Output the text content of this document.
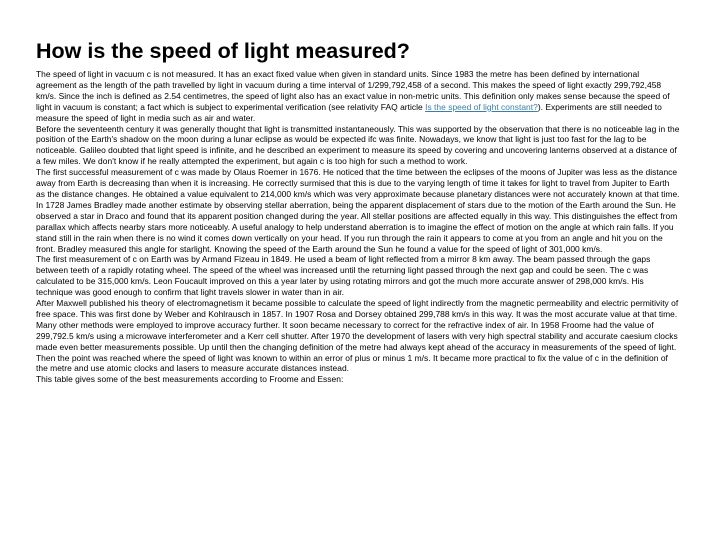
How is the speed of light measured?

The speed of light in vacuum c is not measured. It has an exact fixed value when given in standard units. Since 1983 the metre has been defined by international agreement as the length of the path travelled by light in vacuum during a time interval of 1/299,792,458 of a second. This makes the speed of light exactly 299,792,458 km/s. Since the inch is defined as 2.54 centimetres, the speed of light also has an exact value in non-metric units. This definition only makes sense because the speed of light in vacuum is constant; a fact which is subject to experimental verification (see relativity FAQ article Is the speed of light constant?). Experiments are still needed to measure the speed of light in media such as air and water.

Before the seventeenth century it was generally thought that light is transmitted instantaneously. This was supported by the observation that there is no noticeable lag in the position of the Earth's shadow on the moon during a lunar eclipse as would be expected ifc was finite. Nowadays, we know that light is just too fast for the lag to be noticeable. Galileo doubted that light speed is infinite, and he described an experiment to measure its speed by covering and uncovering lanterns observed at a distance of a few miles. We don't know if he really attempted the experiment, but again c is too high for such a method to work.

The first successful measurement of c was made by Olaus Roemer in 1676. He noticed that the time between the eclipses of the moons of Jupiter was less as the distance away from Earth is decreasing than when it is increasing. He correctly surmised that this is due to the varying length of time it takes for light to travel from Jupiter to Earth as the distance changes. He obtained a value equivalent to 214,000 km/s which was very approximate because planetary distances were not accurately known at that time.

In 1728 James Bradley made another estimate by observing stellar aberration, being the apparent displacement of stars due to the motion of the Earth around the Sun. He observed a star in Draco and found that its apparent position changed during the year. All stellar positions are affected equally in this way. This distinguishes the effect from parallax which affects nearby stars more noticeably. A useful analogy to help understand aberration is to imagine the effect of motion on the angle at which rain falls. If you stand still in the rain when there is no wind it comes down vertically on your head. If you run through the rain it appears to come at you from an angle and hit you on the front. Bradley measured this angle for starlight. Knowing the speed of the Earth around the Sun he found a value for the speed of light of 301,000 km/s.

The first measurement of c on Earth was by Armand Fizeau in 1849. He used a beam of light reflected from a mirror 8 km away. The beam passed through the gaps between teeth of a rapidly rotating wheel. The speed of the wheel was increased until the returning light passed through the next gap and could be seen. The c was calculated to be 315,000 km/s. Leon Foucault improved on this a year later by using rotating mirrors and got the much more accurate answer of 298,000 km/s. His technique was good enough to confirm that light travels slower in water than in air.

After Maxwell published his theory of electromagnetism it became possible to calculate the speed of light indirectly from the magnetic permeability and electric permitivity of free space. This was first done by Weber and Kohlrausch in 1857. In 1907 Rosa and Dorsey obtained 299,788 km/s in this way. It was the most accurate value at that time.

Many other methods were employed to improve accuracy further. It soon became necessary to correct for the refractive index of air. In 1958 Froome had the value of 299,792.5 km/s using a microwave interferometer and a Kerr cell shutter. After 1970 the development of lasers with very high spectral stability and accurate caesium clocks made even better measurements possible. Up until then the changing definition of the metre had always kept ahead of the accuracy in measurements of the speed of light. Then the point was reached where the speed of light was known to within an error of plus or minus 1 m/s. It became more practical to fix the value of c in the definition of the metre and use atomic clocks and lasers to measure accurate distances instead.

This table gives some of the best measurements according to Froome and Essen:
